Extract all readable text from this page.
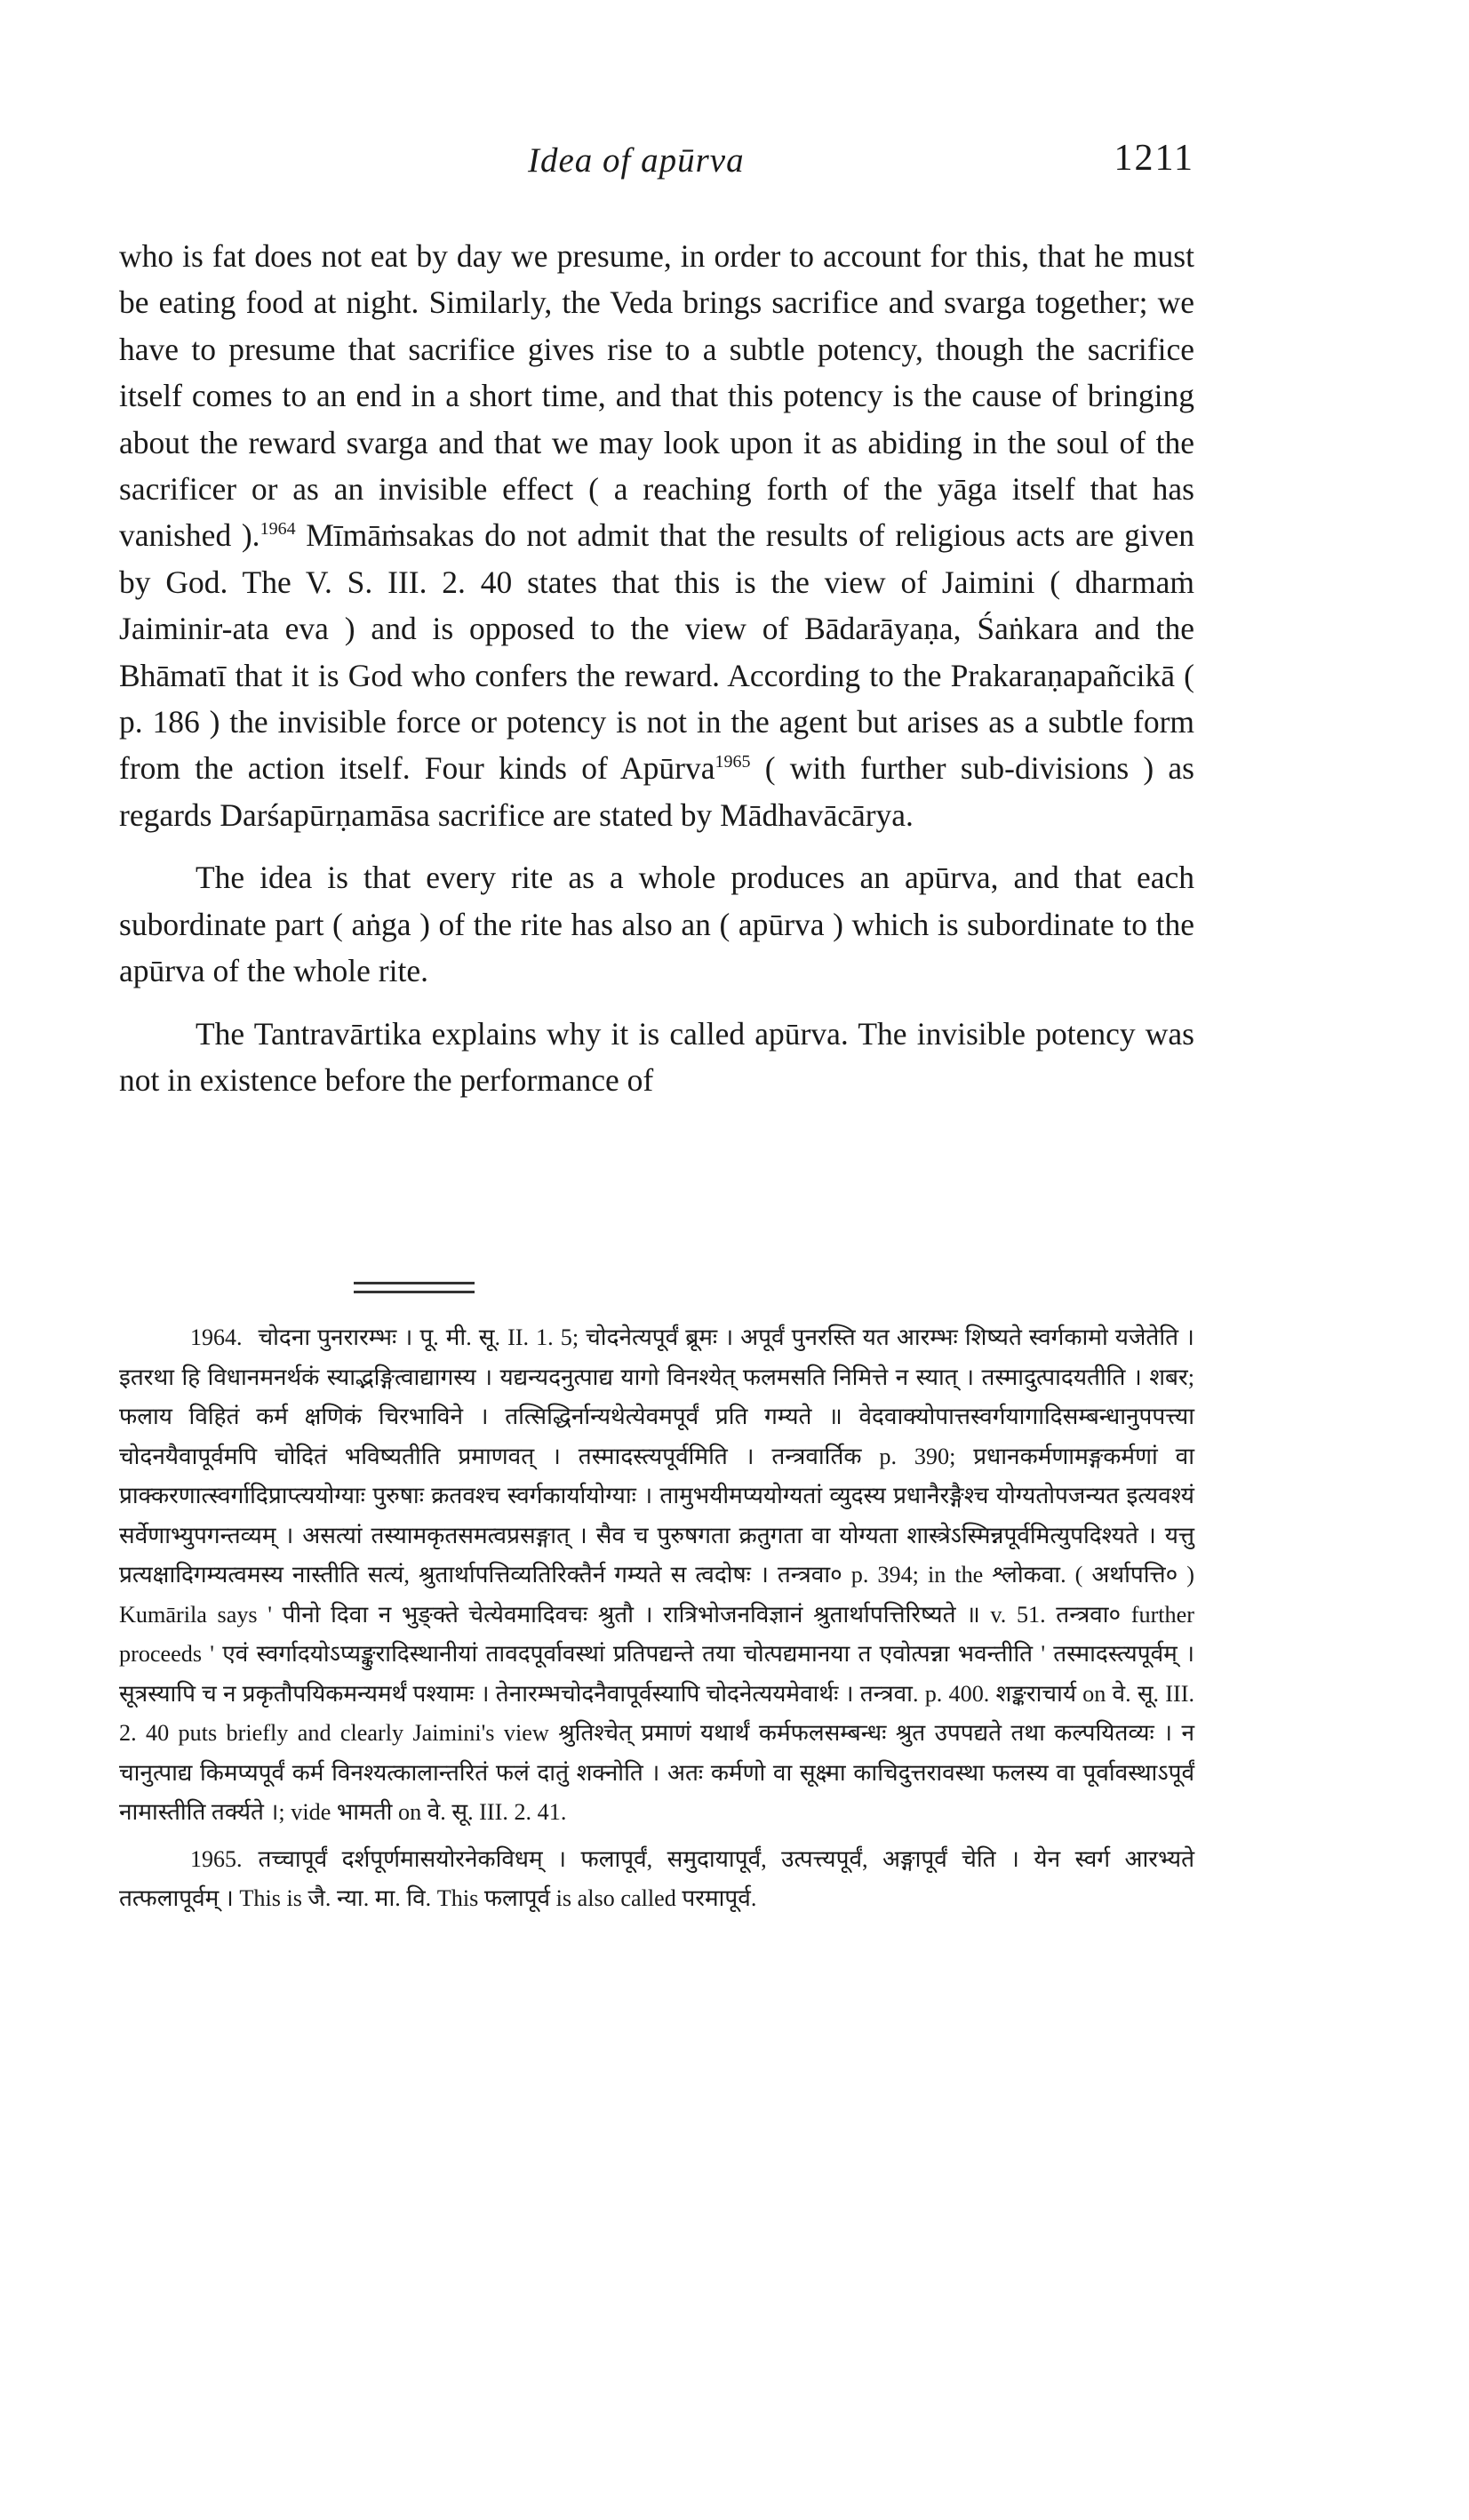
Idea of apūrva	1211

who is fat does not eat by day we presume, in order to account for this, that he must be eating food at night. Similarly, the Veda brings sacrifice and svarga together; we have to presume that sacrifice gives rise to a subtle potency, though the sacrifice itself comes to an end in a short time, and that this potency is the cause of bringing about the reward svarga and that we may look upon it as abiding in the soul of the sacrificer or as an invisible effect ( a reaching forth of the yāga itself that has vanished ).$^{1964}$ Mīmāṁsakas do not admit that the results of religious acts are given by God. The V. S. III. 2. 40 states that this is the view of Jaimini ( dharmaṁ Jaiminir-ata eva ) and is opposed to the view of Bādarāyaṇa, Śaṅkara and the Bhāmatī that it is God who confers the reward. According to the Prakaraṇapañcikā ( p. 186 ) the invisible force or potency is not in the agent but arises as a subtle form from the action itself. Four kinds of Apūrva$^{1965}$ ( with further sub-divisions ) as regards Darśapūrṇamāsa sacrifice are stated by Mādhavācārya.

The idea is that every rite as a whole produces an apūrva, and that each subordinate part ( aṅga ) of the rite has also an ( apūrva ) which is subordinate to the apūrva of the whole rite.

The Tantravārtika explains why it is called apūrva. The invisible potency was not in existence before the performance of

1964. चोदना पुनरारम्भः । पू. मी. सू. II. 1. 5; चोदनेत्यपूर्वं ब्रूमः । अपूर्वं पुनरस्ति यत आरम्भः शिष्यते स्वर्गकामो यजेतेति । इतरथा हि विधानमनर्थकं स्याद्भङ्गित्वाद्यागस्य । यद्यन्यदनुत्पाद्य यागो विनश्येत् फलमसति निमित्ते न स्यात् । तस्मादुत्पादयतीति । शबर; फलाय विहितं कर्म क्षणिकं चिरभाविने । तत्सिद्धिर्नान्यथेत्येवमपूर्वं प्रति गम्यते ॥ वेदवाक्योपात्तस्वर्गयागादिसम्बन्धानुपपत्त्या चोदनयैवापूर्वमपि चोदितं भविष्यतीति प्रमाणवत् । तस्मादस्त्यपूर्वमिति । तन्त्रवार्तिक p. 390; प्रधानकर्मणामङ्गकर्मणां वा प्राक्करणात्स्वर्गादिप्राप्त्ययोग्याः पुरुषाः क्रतवश्च स्वर्गकार्यायोग्याः । तामुभयीमप्ययोग्यतां व्युदस्य प्रधानैरङ्गैश्च योग्यतोपजन्यत इत्यवश्यं सर्वेणाभ्युपगन्तव्यम् । असत्यां तस्यामकृतसमत्वप्रसङ्गात् । सैव च पुरुषगता क्रतुगता वा योग्यता शास्त्रेऽस्मिन्नपूर्वमित्युपदिश्यते । यत्तु प्रत्यक्षादिगम्यत्वमस्य नास्तीति सत्यं, श्रुतार्थापत्तिव्यतिरिक्तैर्न गम्यते स त्वदोषः । तन्त्रवा० p. 394; in the श्लोकवा. ( अर्थापत्ति० ) Kumārila says ' पीनो दिवा न भुङ्क्ते चेत्येवमादिवचः श्रुतौ । रात्रिभोजनविज्ञानं श्रुतार्थापत्तिरिष्यते ॥ v. 51. तन्त्रवा० further proceeds ' एवं स्वर्गादयोऽप्यङ्कुरादिस्थानीयां तावदपूर्वावस्थां प्रतिपद्यन्ते तया चोत्पद्यमानया त एवोत्पन्ना भवन्तीति ' तस्मादस्त्यपूर्वम् । सूत्रस्यापि च न प्रकृतौपयिकमन्यमर्थं पश्यामः । तेनारम्भचोदनैवापूर्वस्यापि चोदनेत्ययमेवार्थः । तन्त्रवा. p. 400. शङ्कराचार्य on वे. सू. III. 2. 40 puts briefly and clearly Jaimini's view श्रुतिश्चेत् प्रमाणं यथार्थं कर्मफलसम्बन्धः श्रुत उपपद्यते तथा कल्पयितव्यः । न चानुत्पाद्य किमप्यपूर्वं कर्म विनश्यत्कालान्तरितं फलं दातुं शक्नोति । अतः कर्मणो वा सूक्ष्मा काचिदुत्तरावस्था फलस्य वा पूर्वावस्थाऽपूर्वं नामास्तीति तर्क्यते ।; vide भामती on वे. सू. III. 2. 41.

1965. तच्चापूर्वं दर्शपूर्णमासयोरनेकविधम् । फलापूर्वं, समुदायापूर्वं, उत्पत्त्यपूर्वं, अङ्गापूर्वं चेति । येन स्वर्ग आरभ्यते तत्फलापूर्वम् । This is जै. न्या. मा. वि. This फलापूर्व is also called परमापूर्व.
